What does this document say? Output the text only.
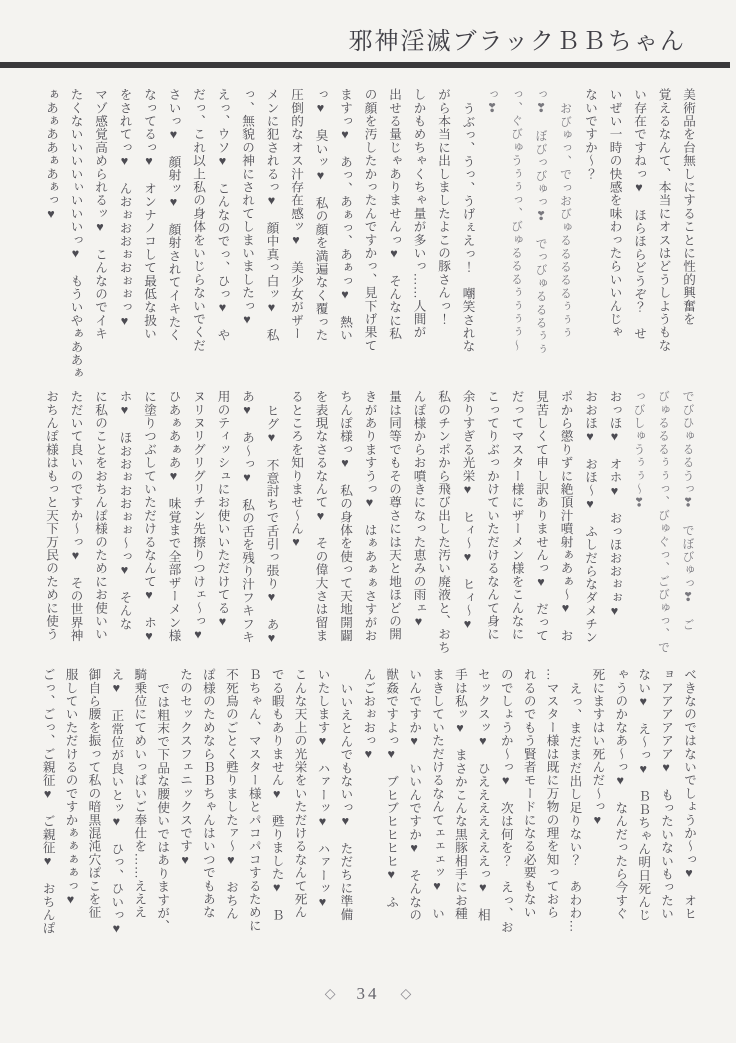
邪神淫滅ブラックＢＢちゃん

美術品を台無しにすることに性的興奮を

覚えるなんて、本当にオスはどうしようもな

い存在ですねっ♥　ほらほらどうぞ？　せ

いぜい一時の快感を味わったらいいんじゃ

ないですか～？

おびゅっ、でっおびゅるるるるるぅぅぅ

っ❣　ぼびっびゅっ❣　でっびゅるるるぅぅ

っ、ぐびゅうぅぅっ、びゅるるるぅぅぅぅ～

っ❣

うぶっ、うっ、うげぇえっ！　嘲笑されな

がら本当に出しましたよこの豚さんっ！

しかもめちゃくちゃ量が多いっ……人間が

出せる量じゃありませんっ♥　そんなに私

の顔を汚したかったんですかっ、見下げ果て

ますっ♥　あっ、あぁっ、あぁっ♥　熱い

っ♥　臭いッ♥　私の顔を満遍なく覆った

圧倒的なオス汁存在感ッ♥　美少女がザー

メンに犯されるっ♥　顔中真っ白ッ♥　私

っ、無貌の神にされてしまいましたっ♥

えっ、ウソ♥　こんなのでっ、ひっ♥　や

だっ、これ以上私の身体をいじらないでくだ

さいっ♥　顔射ッ♥　顔射されてイキたく

なってるっ♥　オンナノコして最低な扱い

をされてっ♥　んおぉおおぉおぉぉっ♥

マゾ感覚高められるッ♥　こんなのでイキ

たくないいいいぃいいいっ♥　もういやぁああぁ

ぁあぁああぁあぁっ♥

でびひゅるるうっ❣　でぼびゅっ❣　ご

びゅるるるぅぅっ、びゅぐっ、ごびゅっ、で

っびしゅうぅぅ～❣

おっほ♥　オホ♥　おっほおおぉぉ♥

おおほ♥　おほ～♥　ふしだらなダメチン

ポから懲りずに絶頂汁噴射ぁあぁ～♥　お

見苦しくて申し訳ありませんっ♥　だって

だってマスター様にザーメン様をこんなに

こってりぶっかけていただけるなんて身に

余りすぎる光栄♥　ヒィ～♥　ヒィ～♥

私のチンポから飛び出した汚い廃液と、おち

んぽ様からお噴きになった恵みの雨ェ♥

量は同等でもその尊さには天と地ほどの開

きがありますうっ♥　はぁあぁぁさすがお

ちんぽ様っ♥　私の身体を使って天地開闢

を表現なさるなんて♥　その偉大さは留ま

るところを知りませ～ん♥

ヒグ♥　不意討ちで舌引っ張り♥　あ♥

あ♥　あ～っ♥　私の舌を残り汁フキフキ

用のティッシュにお使いいただけてる♥

ヌリヌリグリグリチン先擦りつけェ～っ♥

ひあぁあぁあ♥　味覚まで全部ザーメン様

に塗りつぶしていただけるなんて♥　ホ♥

ホ♥　ほおおぉおおぉぉ～っ♥　そんな

に私のことをおちんぽ様のためにお使いい

ただいて良いのですか～っ♥　その世界神

おちんぽ様はもっと天下万民のために使う

べきなのではないでしょうか～っ♥　オヒ

ョアアアアアア♥　もったいないもったい

ない♥　え～っ♥　ＢＢちゃん明日死んじ

ゃうのかなあ～っ♥　なんだったら今すぐ

死にますはい死んだ～っ♥

えっ、まだまだ出し足りない？　あわわ…

…マスター様は既に万物の理を知っておら

れるのでもう賢者モードになる必要もない

のでしょうか～っ♥　次は何を？　えっ、お

セックスッ♥　ひえええええええっ♥　相

手は私ッ♥　まさかこんな黒豚相手にお種

まきしていただけるなんてェェェッ♥　い

いんですか♥　いいんですか♥　そんなの

獣姦ですよっ♥　ブヒブヒヒヒヒ♥　ふ

んごおぉおっ♥

いいえとんでもないっ♥　ただちに準備

いたします♥　ハァーッ♥　ハァーッ♥

こんな天上の光栄をいただけるなんて死ん

でる暇もありません♥　甦りました♥　Ｂ

Ｂちゃん、マスター様とパコパコするために

不死鳥のごとく甦りましたァ～♥　おちん

ぽ様のためならＢＢちゃんはいつでもあな

たのセックスフェニックスです♥

では粗末で下品な腰使いではありますが、

騎乗位にてめいっぱいご奉仕を……えええ

え♥　正常位が良いとッ♥　ひっ、ひいっ♥

御自ら腰を振って私の暗黒混沌穴ぽこを征

服していただけるのですかぁぁぁぁっ♥

ごっ、ごっ、ご親征♥　ご親征♥　おちんぽ

◇ 34 ◇
